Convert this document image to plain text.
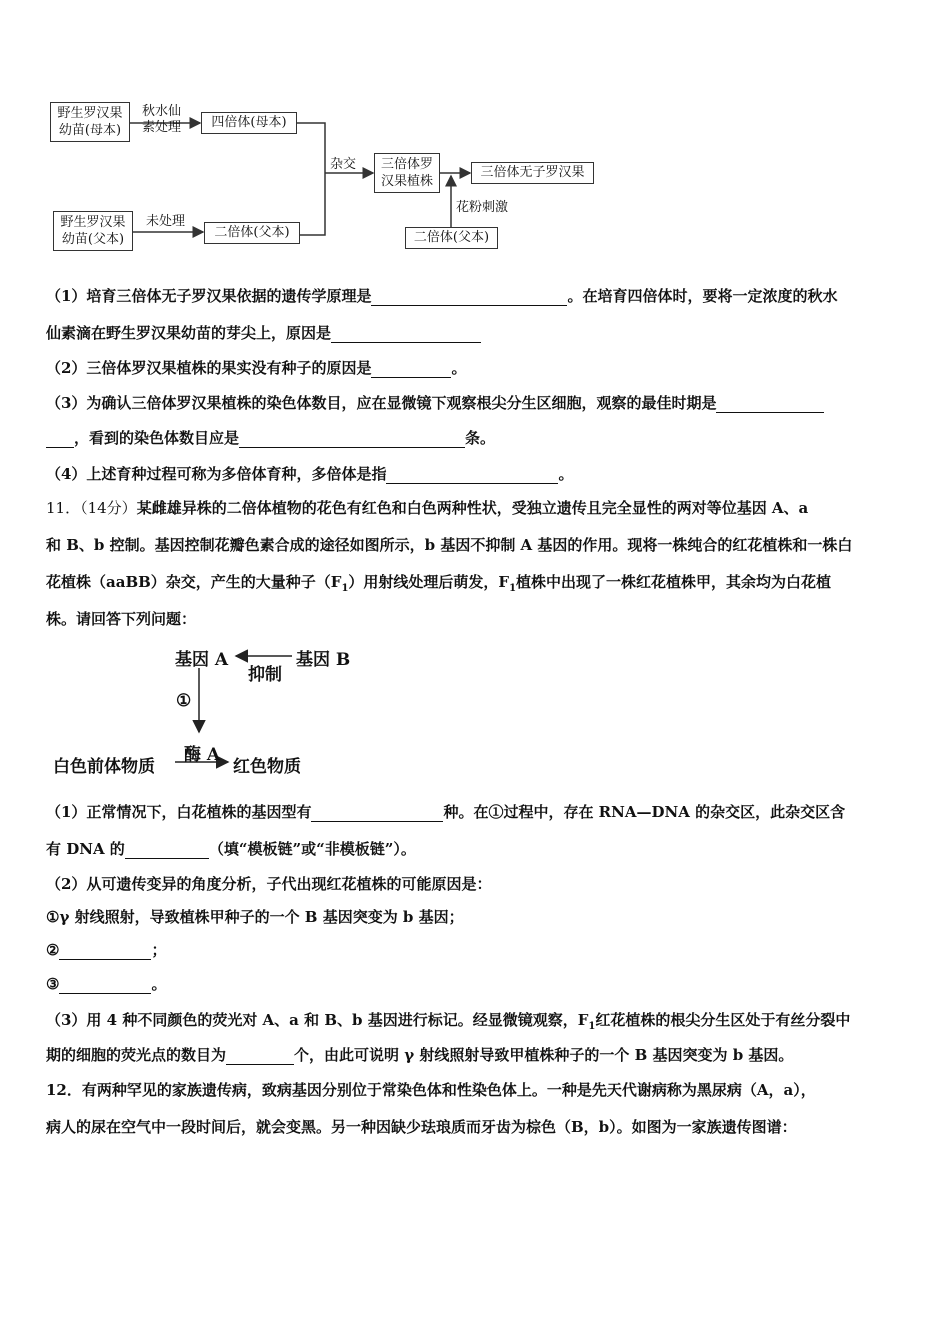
野生罗汉果
幼苗(母本)
秋水仙
素处理	四倍体(母本)
野生罗汉果
幼苗(父本)
未处理
二倍体(父本)
杂交 三倍体罗
汉果植株
三倍体无子罗汉果
花粉刺激
二倍体(父本)
（1）培育三倍体无子罗汉果依据的遗传学原理是	。在培育四倍体时，要将一定浓度的秋水
仙素滴在野生罗汉果幼苗的芽尖上，原因是
（2）三倍体罗汉果植株的果实没有种子的原因是	。
（3）为确认三倍体罗汉果植株的染色体数目，应在显微镜下观察根尖分生区细胞，观察的最佳时期是
，看到的染色体数目应是	条。
（4）上述育种过程可称为多倍体育种，多倍体是指	。
11．（14分）某雌雄异株的二倍体植物的花色有红色和白色两种性状，受独立遗传且完全显性的两对等位基因 A、a
和 B、b 控制。基因控制花瓣色素合成的途径如图所示，b 基因不抑制 A 基因的作用。现将一株纯合的红花植株和一株白
花植株（aaBB）杂交，产生的大量种子$(F_1)$用射线处理后萌发，$F_1$植株中出现了一株红花植株甲，其余均为白花植
株。请回答下列问题：
基因 A	基因 B
抑制
①
酶 A
白色前体物质	红色物质
（1）正常情况下，白花植株的基因型有	种。在①过程中，存在 RNA—DNA 的杂交区，此杂交区含
有 DNA 的	（填“模板链”或“非模板链”）。
（2）从可遗传变异的角度分析，子代出现红花植株的可能原因是：
①γ 射线照射，导致植株甲种子的一个 B 基因突变为 b 基因；
②	；
③	。
（3）用 4 种不同颜色的荧光对 A、a 和 B、b 基因进行标记。经显微镜观察，$F_1$红花植株的根尖分生区处于有丝分裂中
期的细胞的荧光点的数目为	个，由此可说明 γ 射线照射导致甲植株种子的一个 B 基因突变为 b 基因。
12．有两种罕见的家族遗传病，致病基因分别位于常染色体和性染色体上。一种是先天代谢病称为黑尿病（A，a），
病人的尿在空气中一段时间后，就会变黑。另一种因缺少珐琅质而牙齿为棕色（B，b）。如图为一家族遗传图谱：
